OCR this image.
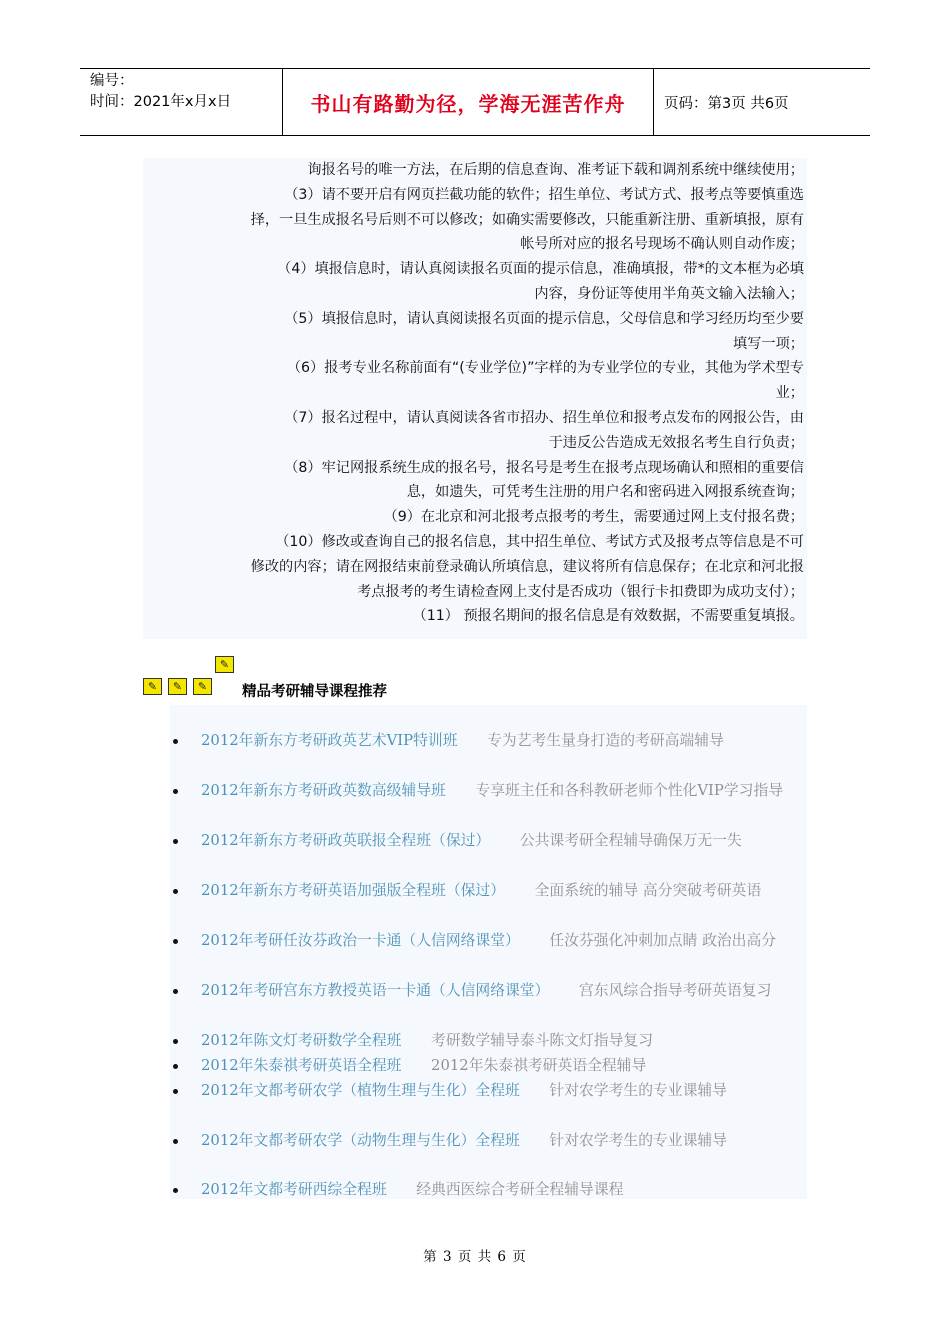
编号：
时间：2021年x月x日	书山有路勤为径，学海无涯苦作舟	页码：第3页 共6页

询报名号的唯一方法，在后期的信息查询、准考证下载和调剂系统中继续使用；

（3）请不要开启有网页拦截功能的软件；招生单位、考试方式、报考点等要慎重选

择，一旦生成报名号后则不可以修改；如确实需要修改，只能重新注册、重新填报，原有

帐号所对应的报名号现场不确认则自动作废；

（4）填报信息时，请认真阅读报名页面的提示信息，准确填报，带*的文本框为必填

内容，身份证等使用半角英文输入法输入；

（5）填报信息时，请认真阅读报名页面的提示信息，父母信息和学习经历均至少要

填写一项；

（6）报考专业名称前面有“(专业学位)”字样的为专业学位的专业，其他为学术型专

业；

（7）报名过程中，请认真阅读各省市招办、招生单位和报考点发布的网报公告，由

于违反公告造成无效报名考生自行负责；

（8）牢记网报系统生成的报名号，报名号是考生在报考点现场确认和照相的重要信

息，如遗失，可凭考生注册的用户名和密码进入网报系统查询；

（9）在北京和河北报考点报考的考生，需要通过网上支付报名费；

（10）修改或查询自己的报名信息，其中招生单位、考试方式及报考点等信息是不可

修改的内容；请在网报结束前登录确认所填信息，建议将所有信息保存；在北京和河北报

考点报考的考生请检查网上支付是否成功（银行卡扣费即为成功支付）；

（11） 预报名期间的报名信息是有效数据，不需要重复填报。

✎
✎	✎	✎	精品考研辅导课程推荐
2012年新东方考研政英艺术VIP特训班   专为艺考生量身打造的考研高端辅导
2012年新东方考研政英数高级辅导班   专享班主任和各科教研老师个性化VIP学习指导
2012年新东方考研政英联报全程班（保过）   公共课考研全程辅导确保万无一失
2012年新东方考研英语加强版全程班（保过）   全面系统的辅导 高分突破考研英语
2012年考研任汝芬政治一卡通（人信网络课堂）   任汝芬强化冲刺加点睛 政治出高分
2012年考研宫东方教授英语一卡通（人信网络课堂）   宫东风综合指导考研英语复习
2012年陈文灯考研数学全程班   考研数学辅导泰斗陈文灯指导复习
2012年朱泰祺考研英语全程班   2012年朱泰祺考研英语全程辅导
2012年文都考研农学（植物生理与生化）全程班   针对农学考生的专业课辅导
2012年文都考研农学（动物生理与生化）全程班   针对农学考生的专业课辅导
2012年文都考研西综全程班   经典西医综合考研全程辅导课程
第 3 页 共 6 页
